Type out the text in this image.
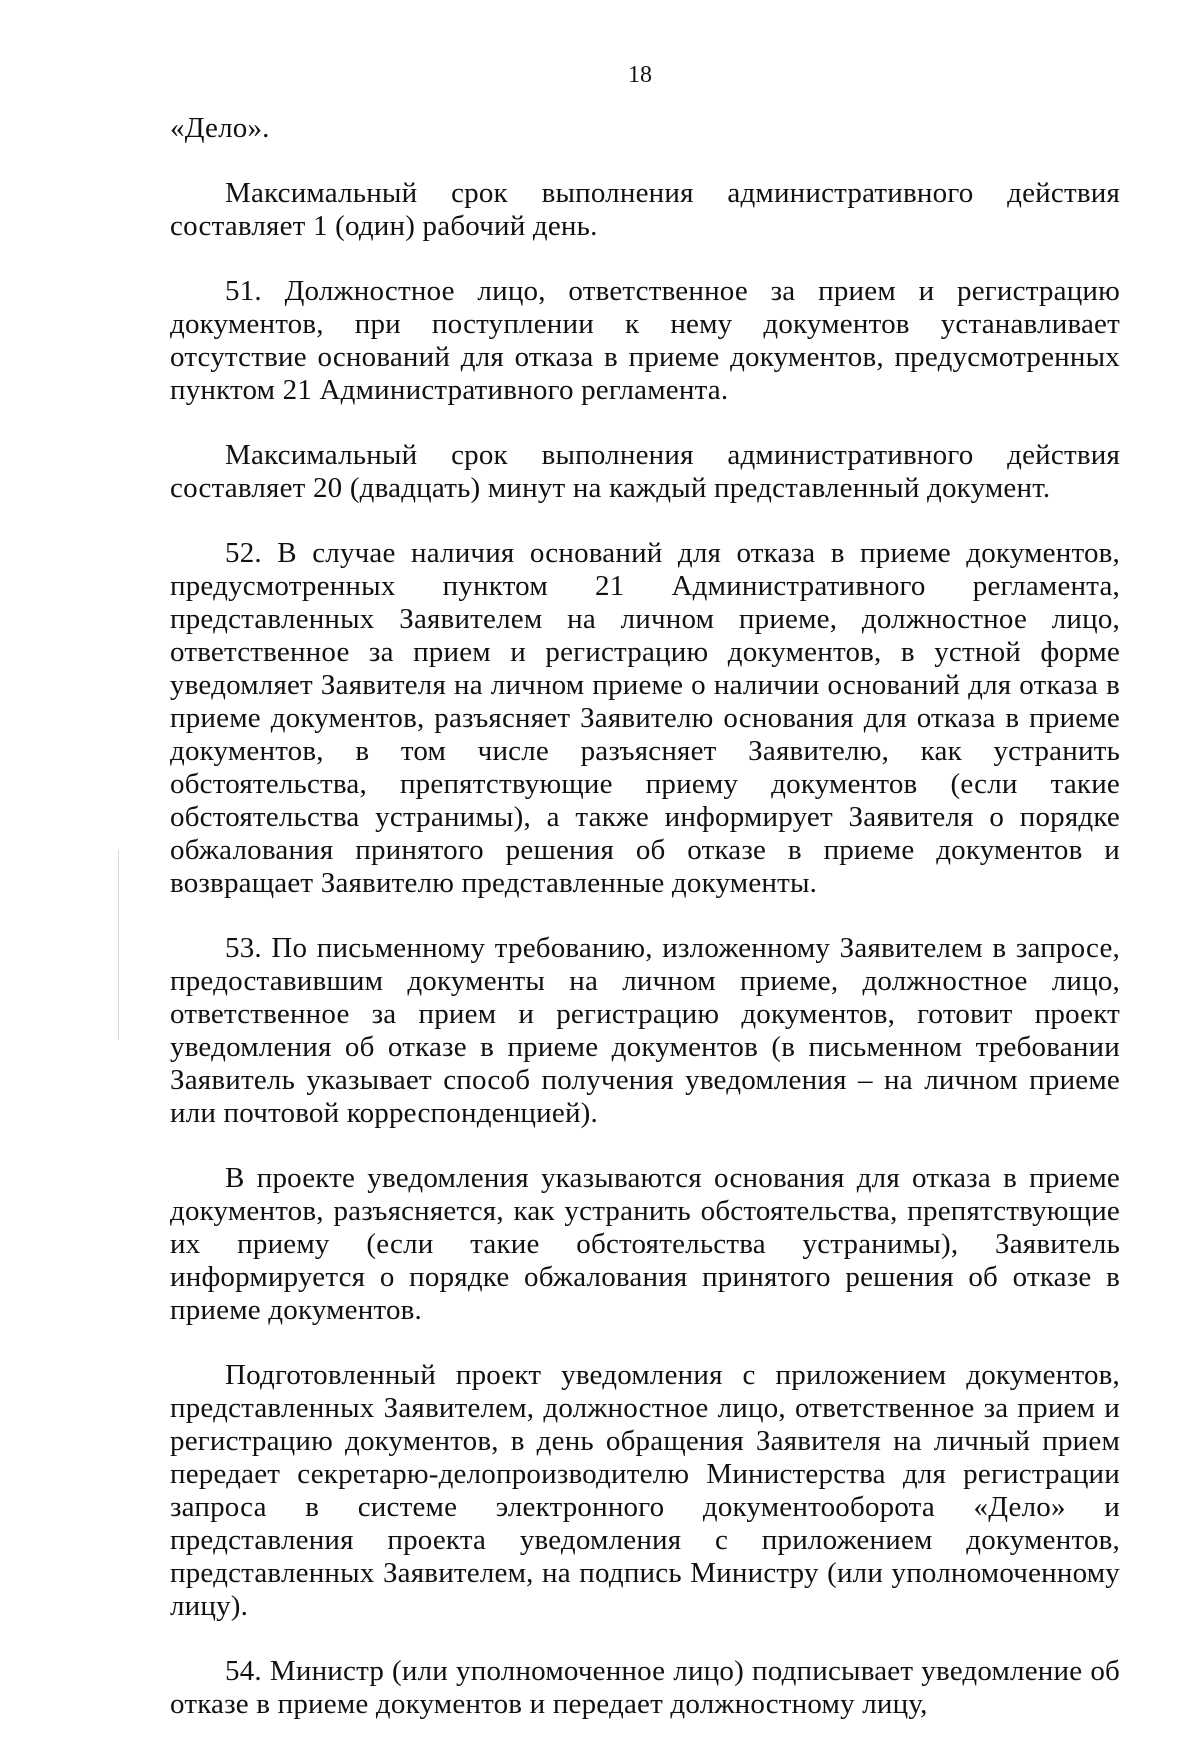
18

«Дело».

Максимальный срок выполнения административного действия составляет 1 (один) рабочий день.

51. Должностное лицо, ответственное за прием и регистрацию документов, при поступлении к нему документов устанавливает отсутствие оснований для отказа в приеме документов, предусмотренных пунктом 21 Административного регламента.

Максимальный срок выполнения административного действия составляет 20 (двадцать) минут на каждый представленный документ.

52. В случае наличия оснований для отказа в приеме документов, предусмотренных пунктом 21 Административного регламента, представленных Заявителем на личном приеме, должностное лицо, ответственное за прием и регистрацию документов, в устной форме уведомляет Заявителя на личном приеме о наличии оснований для отказа в приеме документов, разъясняет Заявителю основания для отказа в приеме документов, в том числе разъясняет Заявителю, как устранить обстоятельства, препятствующие приему документов (если такие обстоятельства устранимы), а также информирует Заявителя о порядке обжалования принятого решения об отказе в приеме документов и возвращает Заявителю представленные документы.

53. По письменному требованию, изложенному Заявителем в запросе, предоставившим документы на личном приеме, должностное лицо, ответственное за прием и регистрацию документов, готовит проект уведомления об отказе в приеме документов (в письменном требовании Заявитель указывает способ получения уведомления – на личном приеме или почтовой корреспонденцией).

В проекте уведомления указываются основания для отказа в приеме документов, разъясняется, как устранить обстоятельства, препятствующие их приему (если такие обстоятельства устранимы), Заявитель информируется о порядке обжалования принятого решения об отказе в приеме документов.

Подготовленный проект уведомления с приложением документов, представленных Заявителем, должностное лицо, ответственное за прием и регистрацию документов, в день обращения Заявителя на личный прием передает секретарю-делопроизводителю Министерства для регистрации запроса в системе электронного документооборота «Дело» и представления проекта уведомления с приложением документов, представленных Заявителем, на подпись Министру (или уполномоченному лицу).

54. Министр (или уполномоченное лицо) подписывает уведомление об отказе в приеме документов и передает должностному лицу,
